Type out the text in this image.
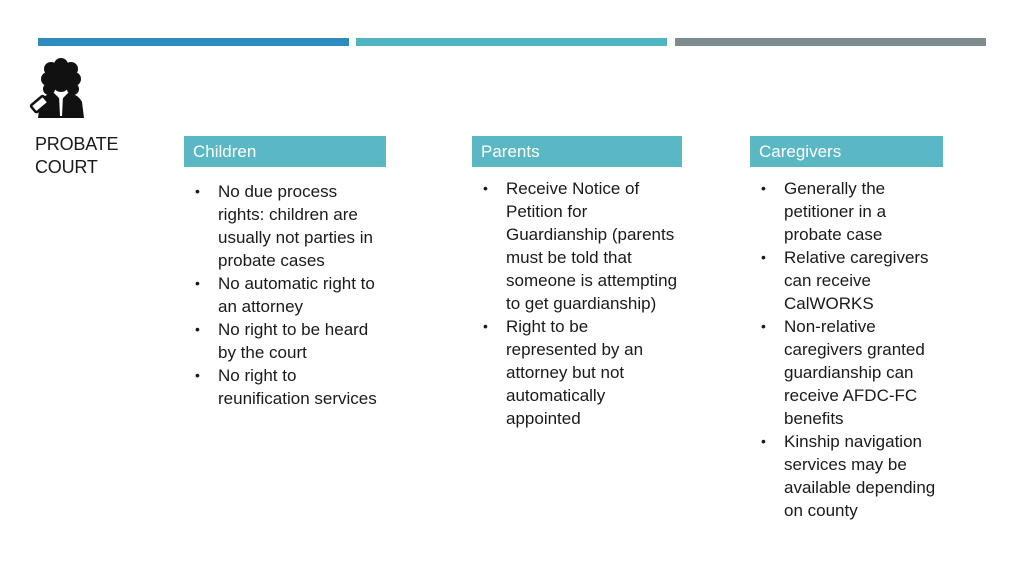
PROBATE COURT
Children
• No due process rights: children are usually not parties in probate cases
• No automatic right to an attorney
• No right to be heard by the court
• No right to reunification services
Parents
• Receive Notice of Petition for Guardianship (parents must be told that someone is attempting to get guardianship)
• Right to be represented by an attorney but not automatically appointed
Caregivers
• Generally the petitioner in a probate case
• Relative caregivers can receive CalWORKS
• Non-relative caregivers granted guardianship can receive AFDC-FC benefits
• Kinship navigation services may be available depending on county
